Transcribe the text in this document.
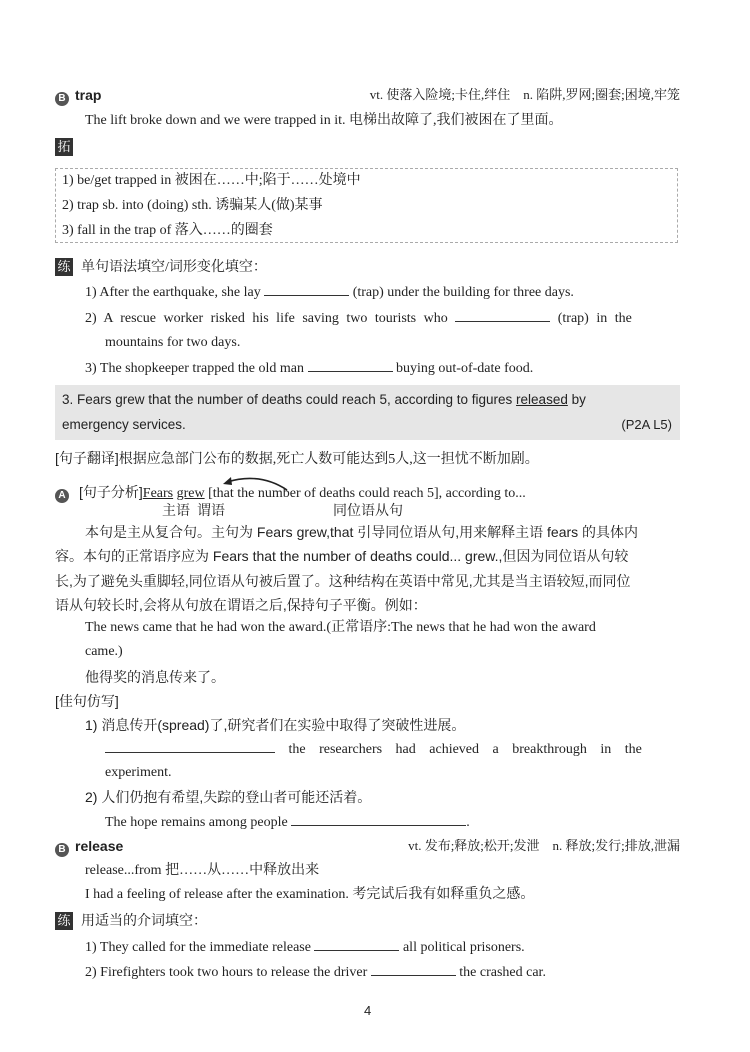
B trap	vt. 使落入险境;卡住,绊住　n. 陷阱,罗网;圈套;困境,牢笼
The lift broke down and we were trapped in it. 电梯出故障了,我们被困在了里面。
拓
1) be/get trapped in 被困在……中;陷于……处境中
2) trap sb. into (doing) sth. 诱骗某人(做)某事
3) fall in the trap of 落入……的圈套
练 单句语法填空/词形变化填空：
1) After the earthquake, she lay	(trap) under the building for three days.
2) A rescue worker risked his life saving two tourists who	(trap) in the
mountains for two days.
3) The shopkeeper trapped the old man	buying out-of-date food.
3. Fears grew that the number of deaths could reach 5, according to figures released by
emergency services.	(P2A L5)
[句子翻译]根据应急部门公布的数据,死亡人数可能达到5人,这一担忧不断加剧。
A [句子分析]Fears grew [that the number of deaths could reach 5], according to...
主语 谓语	同位语从句
本句是主从复合句。主句为 Fears grew,that 引导同位语从句,用来解释主语 fears 的具体内
容。本句的正常语序应为 Fears that the number of deaths could... grew.,但因为同位语从句较
长,为了避免头重脚轻,同位语从句被后置了。这种结构在英语中常见,尤其是当主语较短,而同位
语从句较长时,会将从句放在谓语之后,保持句子平衡。例如：
The news came that he had won the award.(正常语序:The news that he had won the award
came.)
他得奖的消息传来了。
[佳句仿写]
1) 消息传开(spread)了,研究者们在实验中取得了突破性进展。
the researchers had achieved a breakthrough in the
experiment.
2) 人们仍抱有希望,失踪的登山者可能还活着。
The hope remains among people	.
B release	vt. 发布;释放;松开;发泄　n. 释放;发行;排放,泄漏
release...from 把……从……中释放出来
I had a feeling of release after the examination. 考完试后我有如释重负之感。
练 用适当的介词填空：
1) They called for the immediate release	all political prisoners.
2) Firefighters took two hours to release the driver	the crashed car.
4
